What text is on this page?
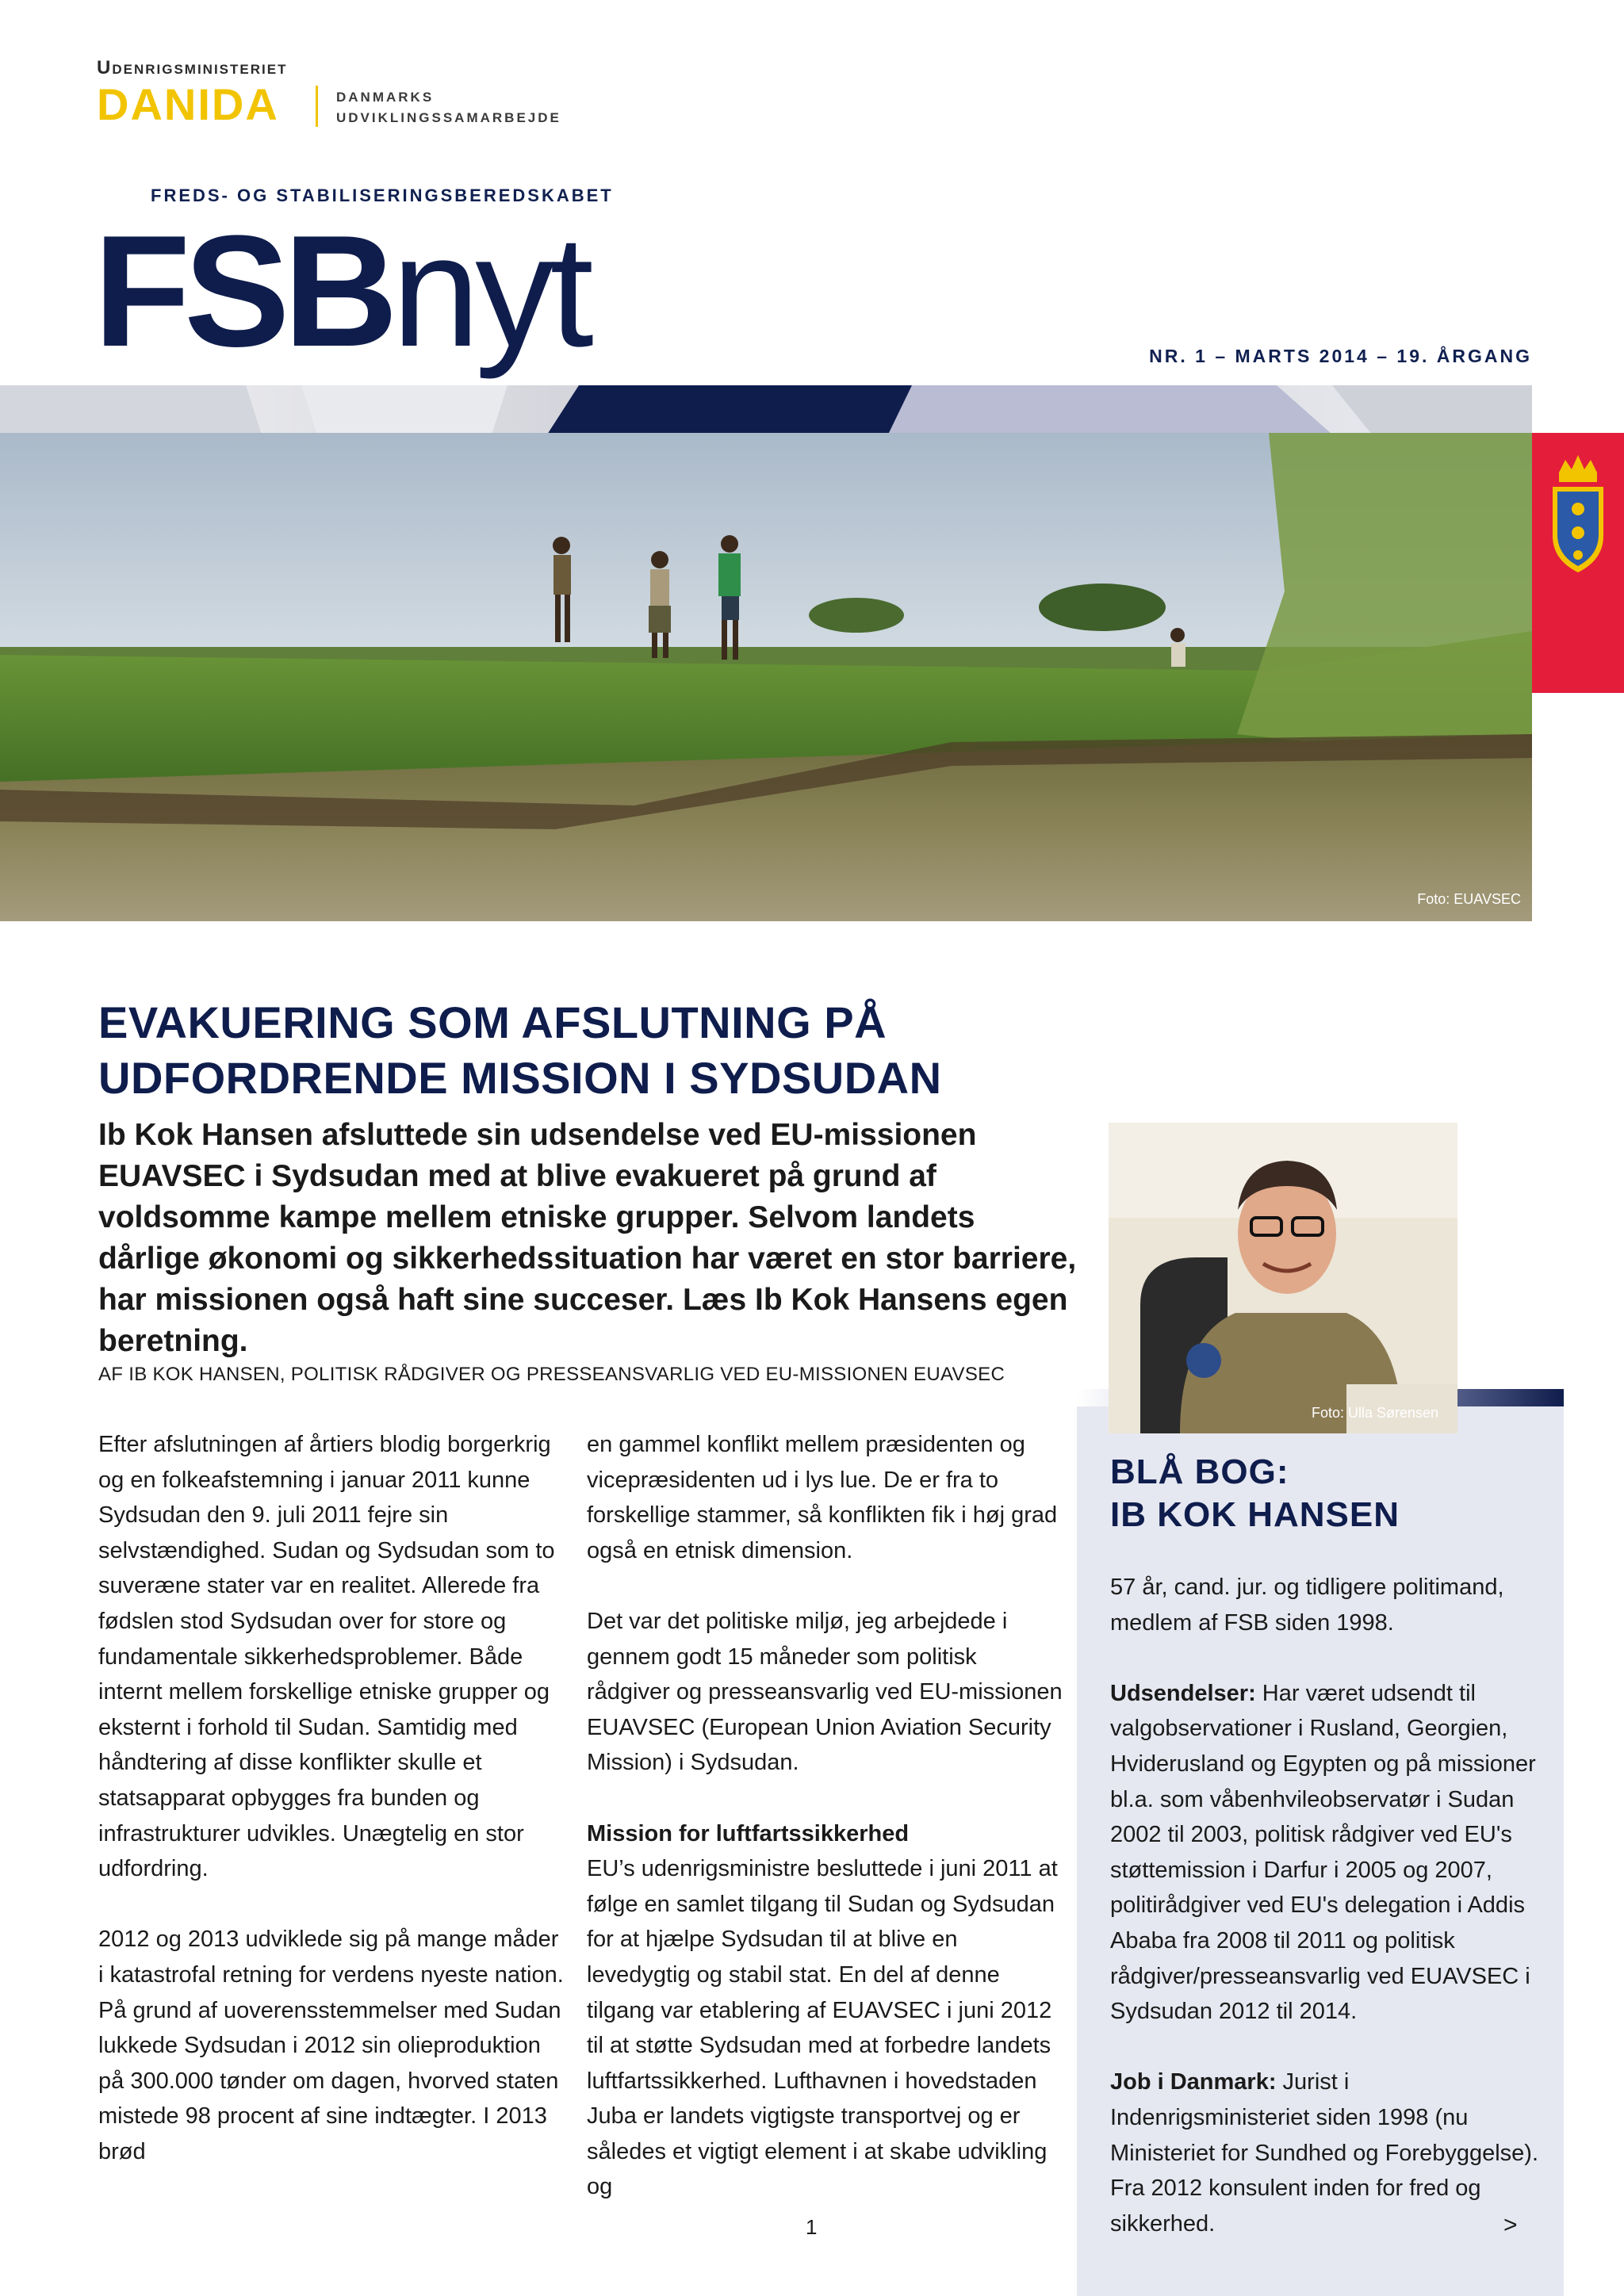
Udenrigsministeriet
DANIDA	DANMARKS
UDVIKLINGSSAMARBEJDE
FREDS- OG STABILISERINGSBEREDSKABET
FSBnyt	NR. 1 – MARTS 2014 – 19. ÅRGANG
Foto: EUAVSEC
EVAKUERING SOM AFSLUTNING PÅ
UDFORDRENDE MISSION I SYDSUDAN
Ib Kok Hansen afsluttede sin udsendelse ved EU-missionen EUAVSEC i Sydsudan med at blive evakueret på grund af voldsomme kampe mellem etniske grupper. Selvom landets dårlige økonomi og sikkerhedssituation har været en stor barriere, har missionen også haft sine succeser. Læs Ib Kok Hansens egen beretning.
AF IB KOK HANSEN, POLITISK RÅDGIVER OG PRESSEANSVARLIG VED EU-MISSIONEN EUAVSEC

Efter afslutningen af årtiers blodig borgerkrig og en folkeafstemning i januar 2011 kunne Sydsudan den 9. juli 2011 fejre sin selvstændighed. Sudan og Sydsudan som to suveræne stater var en realitet. Allerede fra fødslen stod Sydsudan over for store og fundamentale sikkerhedsproblemer. Både internt mellem forskellige etniske grupper og eksternt i forhold til Sudan. Samtidig med håndtering af disse konflikter skulle et statsapparat opbygges fra bunden og infrastrukturer udvikles. Unægtelig en stor udfordring.

2012 og 2013 udviklede sig på mange måder i katastrofal retning for verdens nyeste nation. På grund af uoverensstemmelser med Sudan lukkede Sydsudan i 2012 sin olieproduktion på 300.000 tønder om dagen, hvorved staten mistede 98 procent af sine indtægter. I 2013 brød

en gammel konflikt mellem præsidenten og vicepræsidenten ud i lys lue. De er fra to forskellige stammer, så konflikten fik i høj grad også en etnisk dimension.

Det var det politiske miljø, jeg arbejdede i gennem godt 15 måneder som politisk rådgiver og presseansvarlig ved EU-missionen EUAVSEC (European Union Aviation Security Mission) i Sydsudan.

Mission for luftfartssikkerhed

EU’s udenrigsministre besluttede i juni 2011 at følge en samlet tilgang til Sudan og Sydsudan for at hjælpe Sydsudan til at blive en levedygtig og stabil stat. En del af denne tilgang var etablering af EUAVSEC i juni 2012 til at støtte Sydsudan med at forbedre landets luftfartssikkerhed. Lufthavnen i hovedstaden Juba er landets vigtigste transportvej og er således et vigtigt element i at skabe udvikling og

1
Foto: Ulla Sørensen
BLÅ BOG:
IB KOK HANSEN

57 år, cand. jur. og tidligere politimand, medlem af FSB siden 1998.

Udsendelser: Har været udsendt til valgobservationer i Rusland, Georgien, Hviderusland og Egypten og på missioner bl.a. som våbenhvileobservatør i Sudan 2002 til 2003, politisk rådgiver ved EU's støttemission i Darfur i 2005 og 2007, politirådgiver ved EU's delegation i Addis Ababa fra 2008 til 2011 og politisk rådgiver/presseansvarlig ved EUAVSEC i Sydsudan 2012 til 2014.

Job i Danmark: Jurist i Indenrigsministeriet siden 1998 (nu Ministeriet for Sundhed og Forebyggelse). Fra 2012 konsulent inden for fred og sikkerhed.	>
